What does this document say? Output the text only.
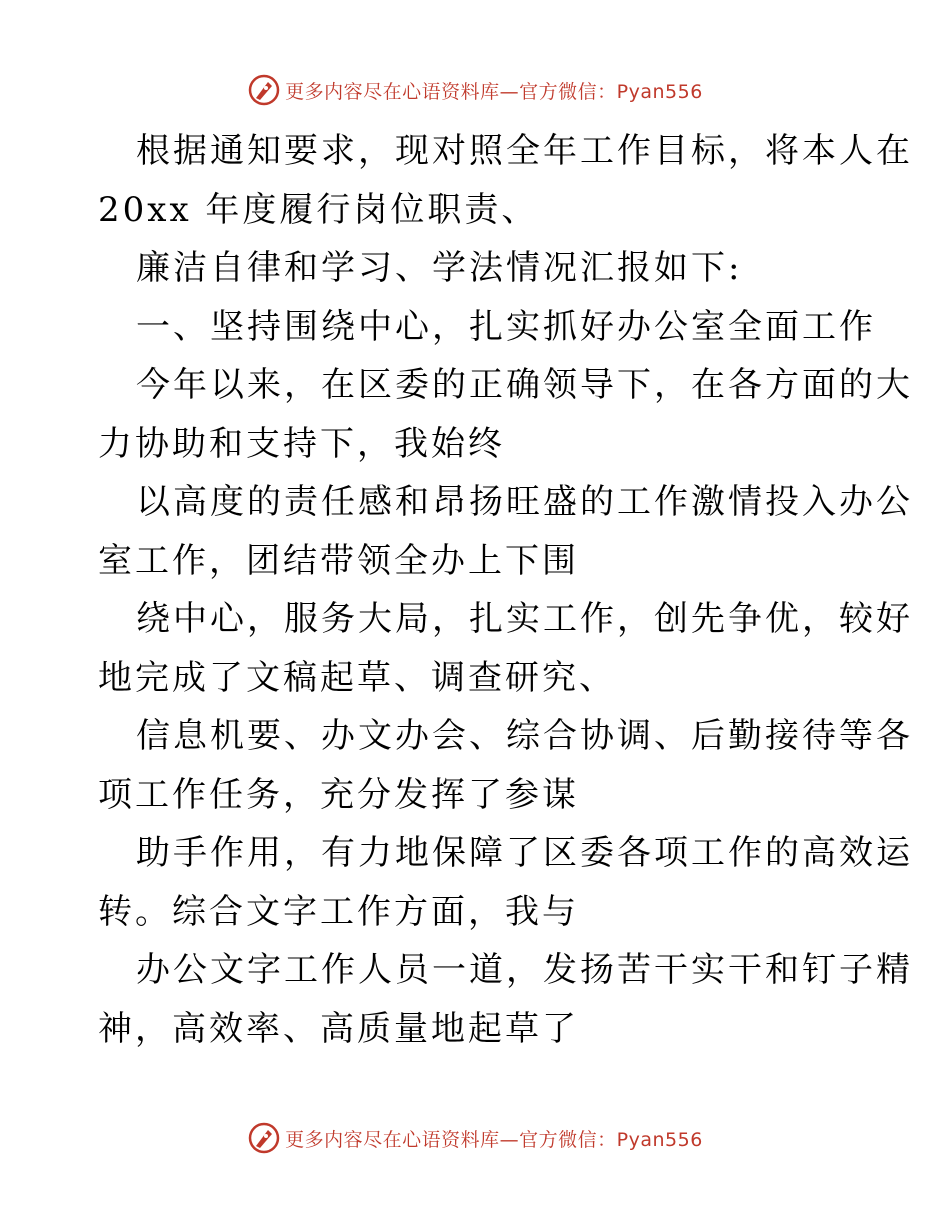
更多内容尽在心语资料库—官方微信：Pyan556
根据通知要求，现对照全年工作目标，将本人在
20xx 年度履行岗位职责、
廉洁自律和学习、学法情况汇报如下:
一、坚持围绕中心，扎实抓好办公室全面工作
今年以来，在区委的正确领导下，在各方面的大
力协助和支持下，我始终
以高度的责任感和昂扬旺盛的工作激情投入办公
室工作，团结带领全办上下围
绕中心，服务大局，扎实工作，创先争优，较好
地完成了文稿起草、调查研究、
信息机要、办文办会、综合协调、后勤接待等各
项工作任务，充分发挥了参谋
助手作用，有力地保障了区委各项工作的高效运
转。综合文字工作方面，我与
办公文字工作人员一道，发扬苦干实干和钉子精
神，高效率、高质量地起草了
更多内容尽在心语资料库—官方微信：Pyan556
